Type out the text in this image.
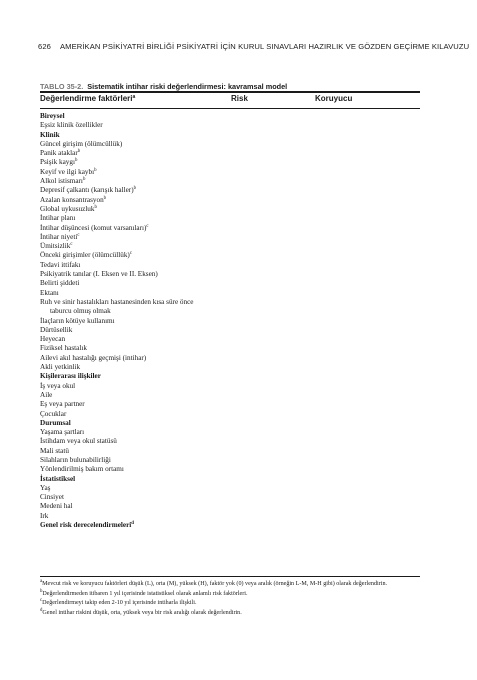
626 AMERİKAN PSİKİYATRİ BİRLİĞİ PSİKİYATRİ İÇİN KURUL SINAVLARI HAZIRLIK VE GÖZDEN GEÇİRME KILAVUZU
TABLO 35-2. Sistematik intihar riski değerlendirmesi: kavramsal model
Değerlendirme faktörleri$^a$	Risk	Koruyucu
Bireysel
Eşsiz klinik özellikler
Klinik
Güncel girişim (ölümcüllük)
Panik ataklar$^b$
Psişik kaygı$^b$
Keyif ve ilgi kaybı$^b$
Alkol istismarı$^b$
Depresif çalkantı (karışık haller)$^b$
Azalan konsantrasyon$^b$
Global uykusuzluk$^b$
İntihar planı
İntihar düşüncesi (komut varsanıları)$^c$
İntihar niyeti$^c$
Ümitsizlik$^c$
Önceki girişimler (ölümcüllük)$^c$
Tedavi ittifakı
Psikiyatrik tanılar (I. Eksen ve II. Eksen)
Belirti şiddeti
Ektanı
Ruh ve sinir hastalıkları hastanesinden kısa süre önce
taburcu olmuş olmak
İlaçların kötüye kullanımı
Dürtüsellik
Heyecan
Fiziksel hastalık
Ailevi akıl hastalığı geçmişi (intihar)
Akli yetkinlik
Kişilerarası ilişkiler
İş veya okul
Aile
Eş veya partner
Çocuklar
Durumsal
Yaşama şartları
İstihdam veya okul statüsü
Mali statü
Silahların bulunabilirliği
Yönlendirilmiş bakım ortamı
İstatistiksel
Yaş
Cinsiyet
Medeni hal
Irk
Genel risk derecelendirmeleri$^d$
$^a$Mevcut risk ve koruyucu faktörleri düşük (L), orta (M), yüksek (H), faktör yok (0) veya aralık (örneğin L-M, M-H gibi) olarak değerlendirin.
$^b$Değerlendirmeden itibaren 1 yıl içerisinde istatistiksel olarak anlamlı risk faktörleri.
$^c$Değerlendirmeyi takip eden 2-10 yıl içerisinde intiharla ilişkili.
$^d$Genel intihar riskini düşük, orta, yüksek veya bir risk aralığı olarak değerlendirin.
